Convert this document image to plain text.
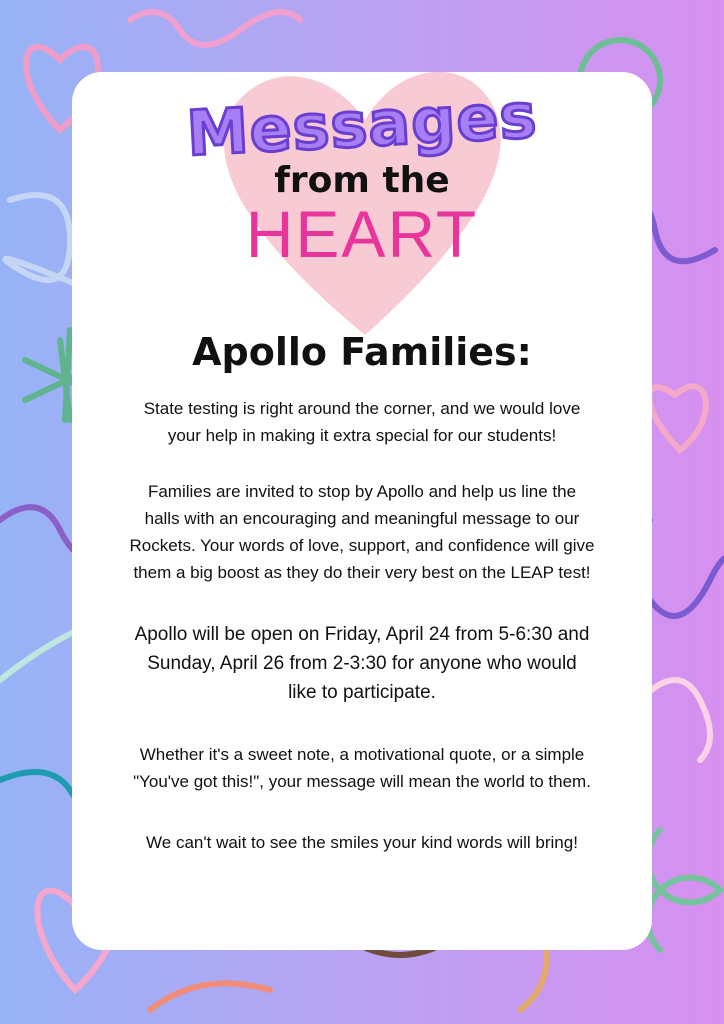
Messages
from the
HEART
Apollo Families:
State testing is right around the corner, and we would love
your help in making it extra special for our students!
Families are invited to stop by Apollo and help us line the
halls with an encouraging and meaningful message to our
Rockets. Your words of love, support, and confidence will give
them a big boost as they do their very best on the LEAP test!
Apollo will be open on Friday, April 24 from 5-6:30 and
Sunday, April 26 from 2-3:30 for anyone who would
like to participate.
Whether it's a sweet note, a motivational quote, or a simple
"You've got this!", your message will mean the world to them.
We can't wait to see the smiles your kind words will bring!
